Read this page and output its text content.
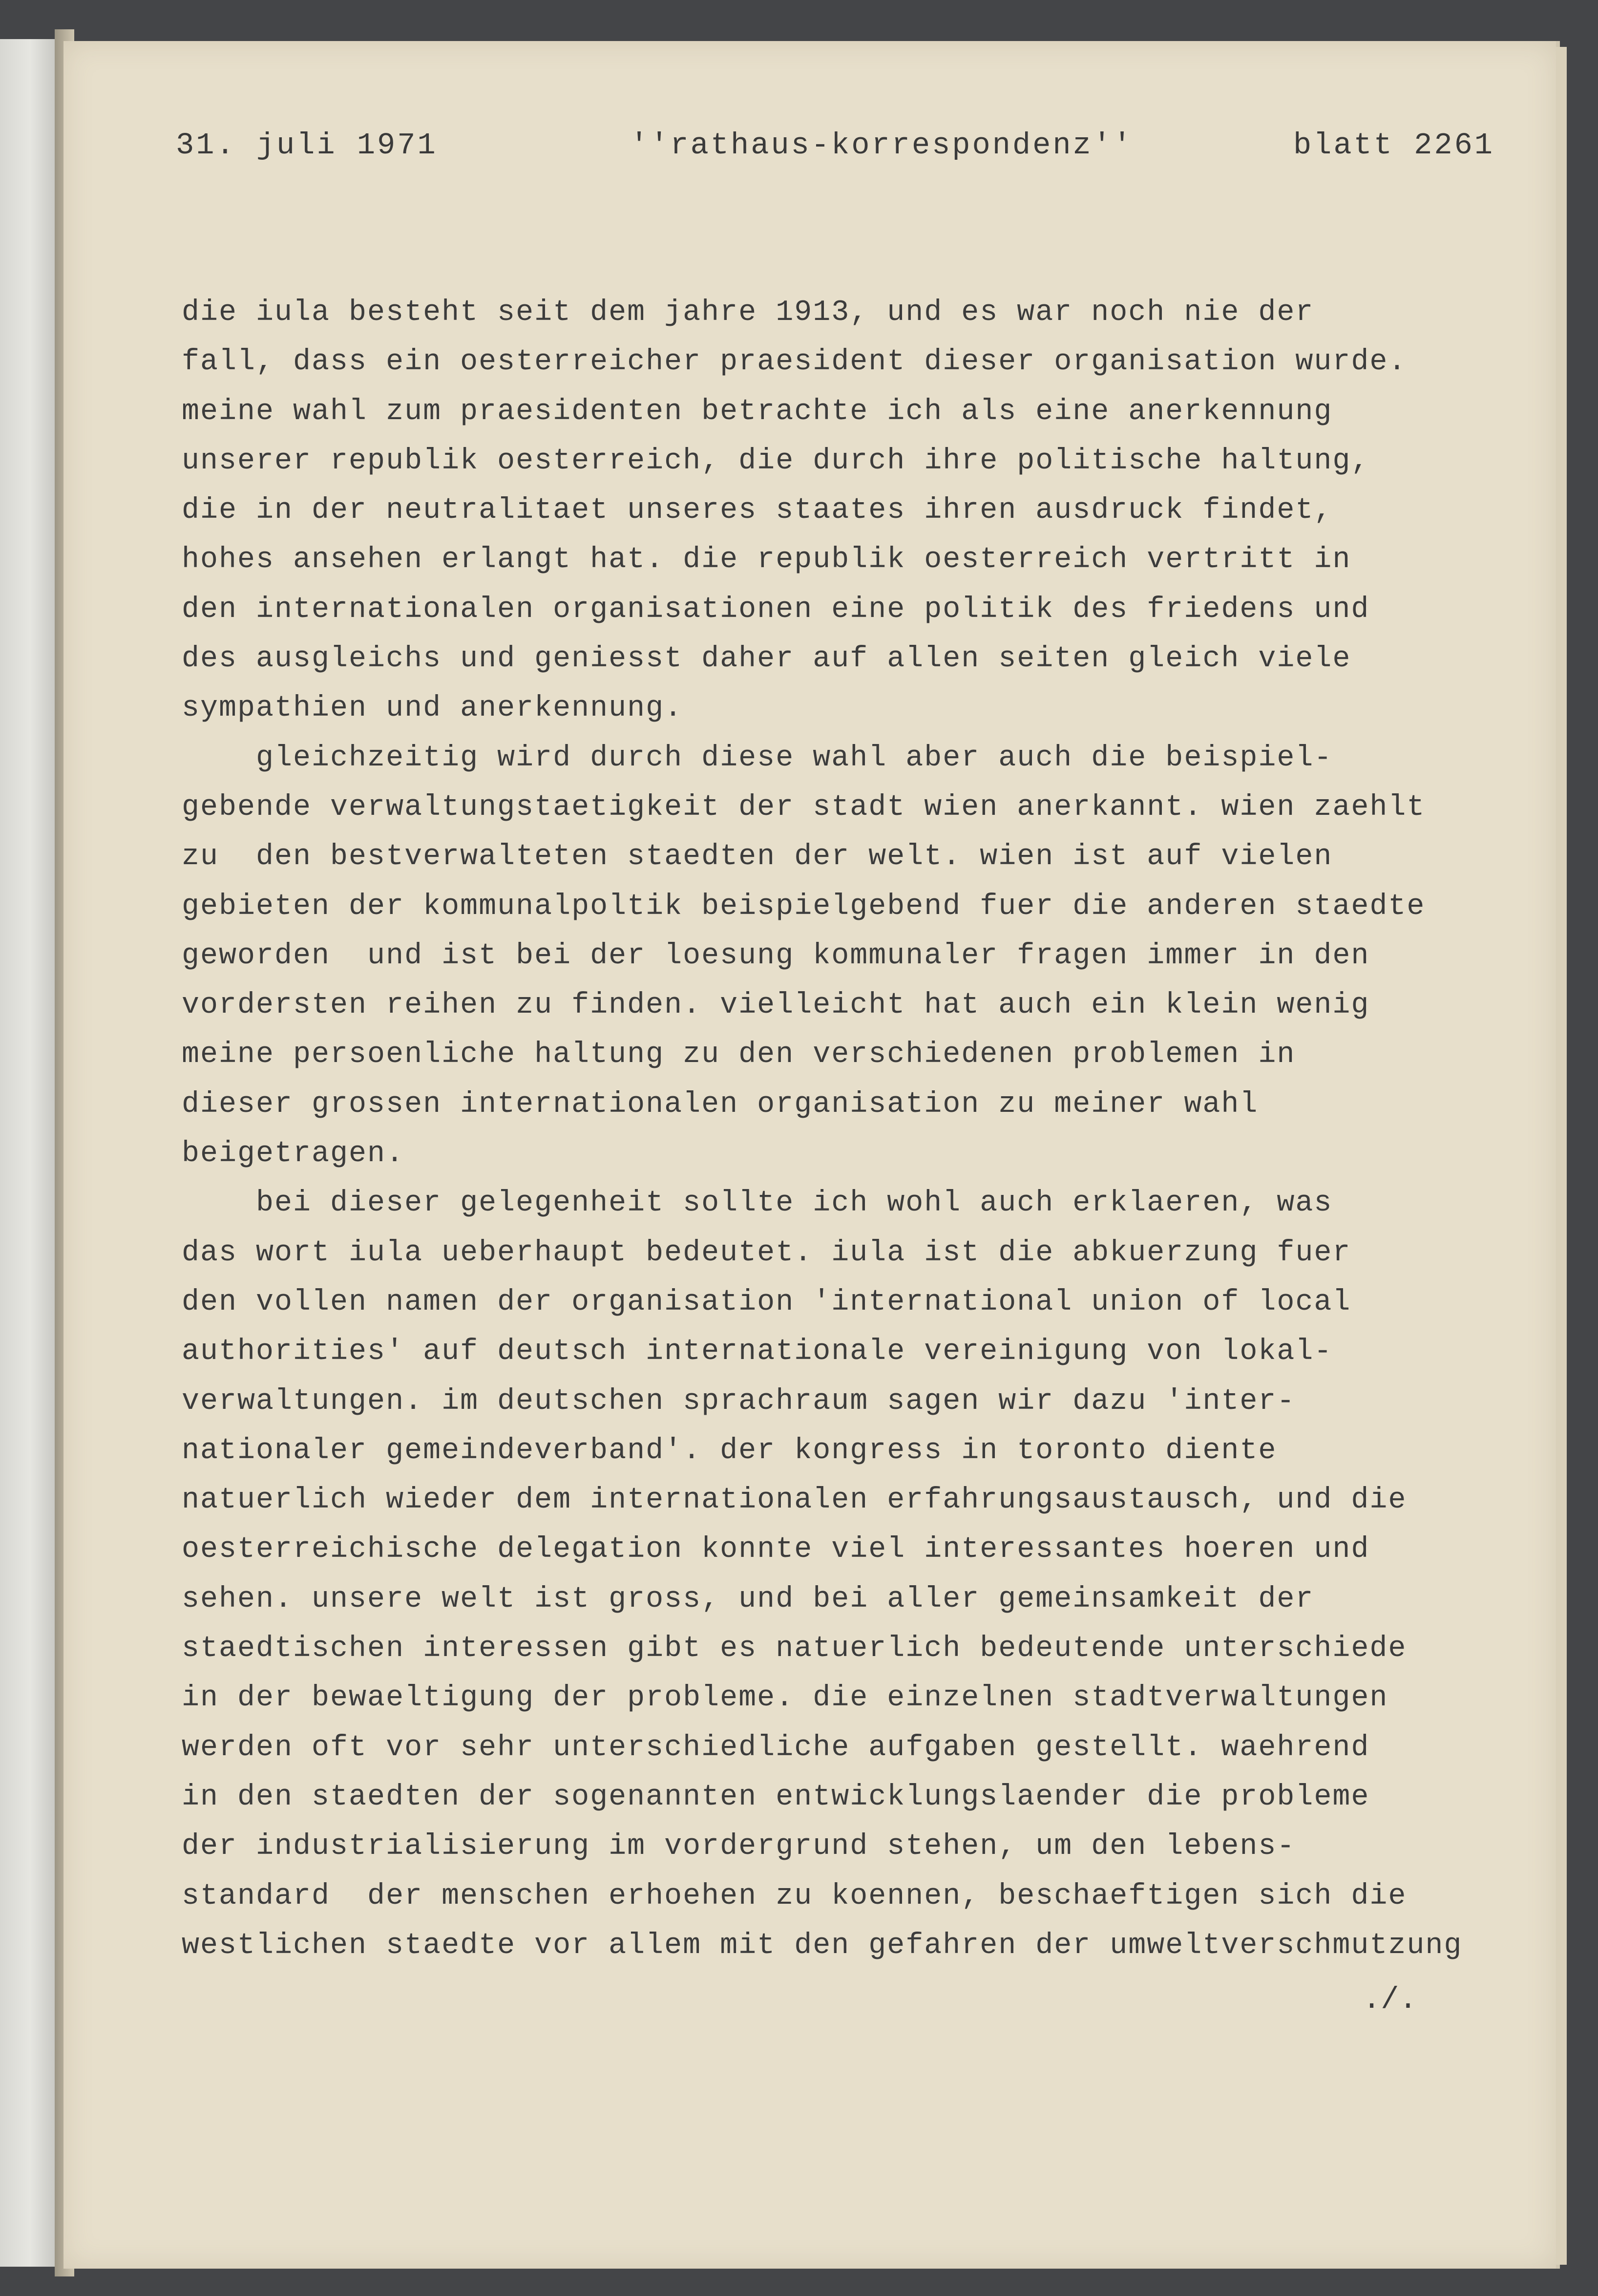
31. juli 1971	''rathaus-korrespondenz''	blatt 2261
die iula besteht seit dem jahre 1913, und es war noch nie der
fall, dass ein oesterreicher praesident dieser organisation wurde.
meine wahl zum praesidenten betrachte ich als eine anerkennung
unserer republik oesterreich, die durch ihre politische haltung,
die in der neutralitaet unseres staates ihren ausdruck findet,
hohes ansehen erlangt hat. die republik oesterreich vertritt in
den internationalen organisationen eine politik des friedens und
des ausgleichs und geniesst daher auf allen seiten gleich viele
sympathien und anerkennung.
gleichzeitig wird durch diese wahl aber auch die beispiel-
gebende verwaltungstaetigkeit der stadt wien anerkannt. wien zaehlt
zu  den bestverwalteten staedten der welt. wien ist auf vielen
gebieten der kommunalpoltik beispielgebend fuer die anderen staedte
geworden  und ist bei der loesung kommunaler fragen immer in den
vordersten reihen zu finden. vielleicht hat auch ein klein wenig
meine persoenliche haltung zu den verschiedenen problemen in
dieser grossen internationalen organisation zu meiner wahl
beigetragen.
bei dieser gelegenheit sollte ich wohl auch erklaeren, was
das wort iula ueberhaupt bedeutet. iula ist die abkuerzung fuer
den vollen namen der organisation 'international union of local
authorities' auf deutsch internationale vereinigung von lokal-
verwaltungen. im deutschen sprachraum sagen wir dazu 'inter-
nationaler gemeindeverband'. der kongress in toronto diente
natuerlich wieder dem internationalen erfahrungsaustausch, und die
oesterreichische delegation konnte viel interessantes hoeren und
sehen. unsere welt ist gross, und bei aller gemeinsamkeit der
staedtischen interessen gibt es natuerlich bedeutende unterschiede
in der bewaeltigung der probleme. die einzelnen stadtverwaltungen
werden oft vor sehr unterschiedliche aufgaben gestellt. waehrend
in den staedten der sogenannten entwicklungslaender die probleme
der industrialisierung im vordergrund stehen, um den lebens-
standard  der menschen erhoehen zu koennen, beschaeftigen sich die
westlichen staedte vor allem mit den gefahren der umweltverschmutzung
./.
